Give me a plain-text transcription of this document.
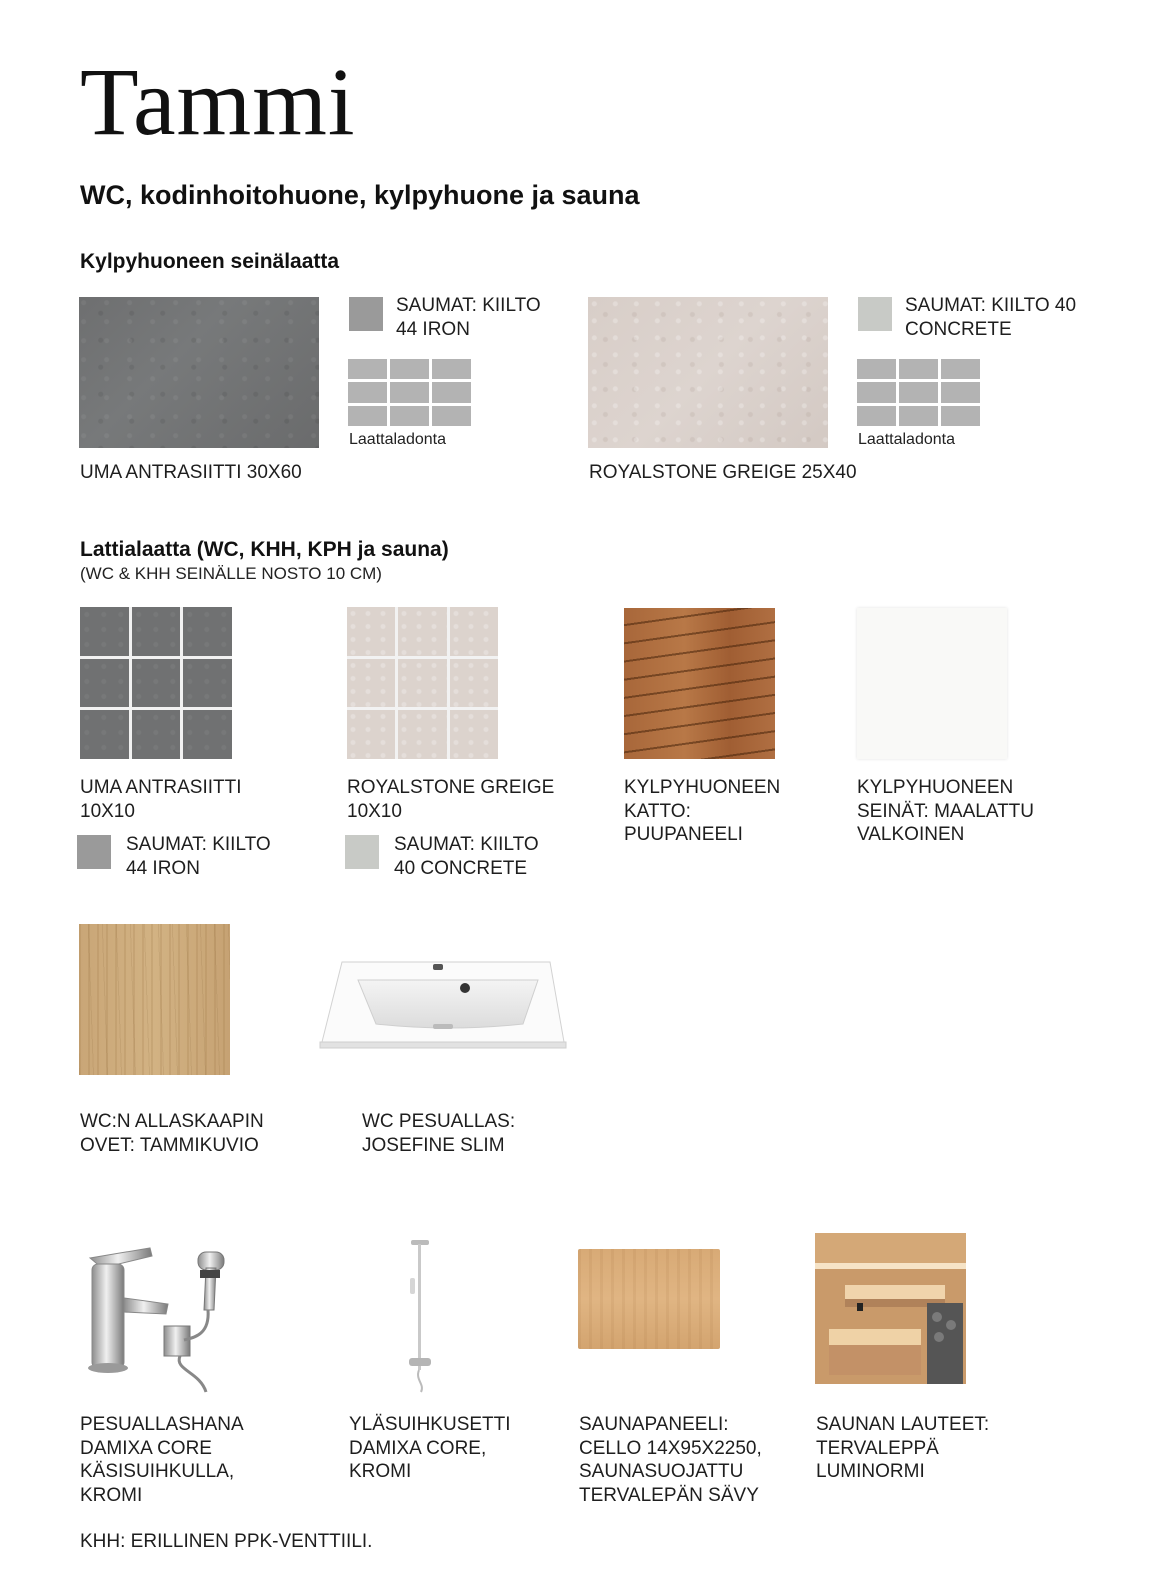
Tammi
WC, kodinhoitohuone, kylpyhuone ja sauna
Kylpyhuoneen seinälaatta
SAUMAT: KIILTO
44 IRON
Laattaladonta
UMA ANTRASIITTI 30X60
SAUMAT: KIILTO 40
CONCRETE
Laattaladonta
ROYALSTONE GREIGE 25X40
Lattialaatta (WC, KHH, KPH ja sauna)
(WC & KHH SEINÄLLE NOSTO 10 CM)
UMA ANTRASIITTI
10X10
SAUMAT: KIILTO
44 IRON
ROYALSTONE GREIGE
10X10
SAUMAT: KIILTO
40 CONCRETE
KYLPYHUONEEN
KATTO:
PUUPANEELI
KYLPYHUONEEN
SEINÄT: MAALATTU
VALKOINEN
WC:N ALLASKAAPIN
OVET: TAMMIKUVIO
WC PESUALLAS:
JOSEFINE SLIM
PESUALLASHANA
DAMIXA CORE
KÄSISUIHKULLA,
KROMI
YLÄSUIHKUSETTI
DAMIXA CORE,
KROMI
SAUNAPANEELI:
CELLO 14X95X2250,
SAUNASUOJATTU
TERVALEPÄN SÄVY
SAUNAN LAUTEET:
TERVALEPPÄ
LUMINORMI
KHH: ERILLINEN PPK-VENTTIILI.
